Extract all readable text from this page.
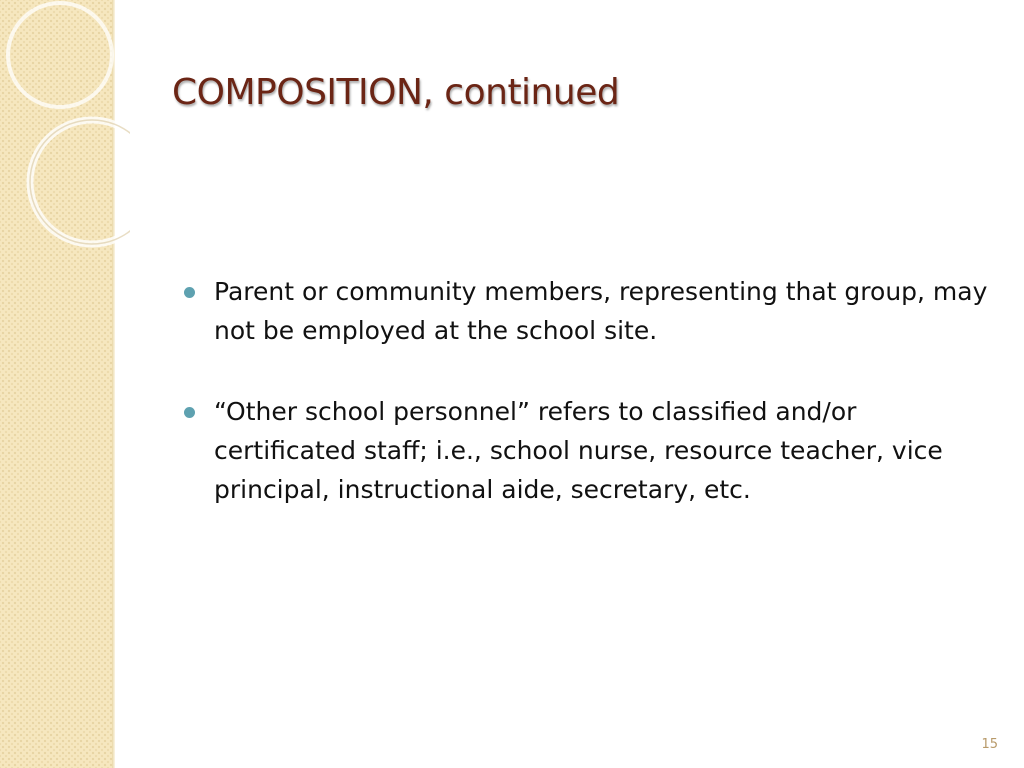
COMPOSITION, continued
Parent or community members, representing that group, may not be employed at the school site.
“Other school personnel” refers to classified and/or certificated staff; i.e., school nurse, resource teacher, vice principal, instructional aide, secretary, etc.
15
